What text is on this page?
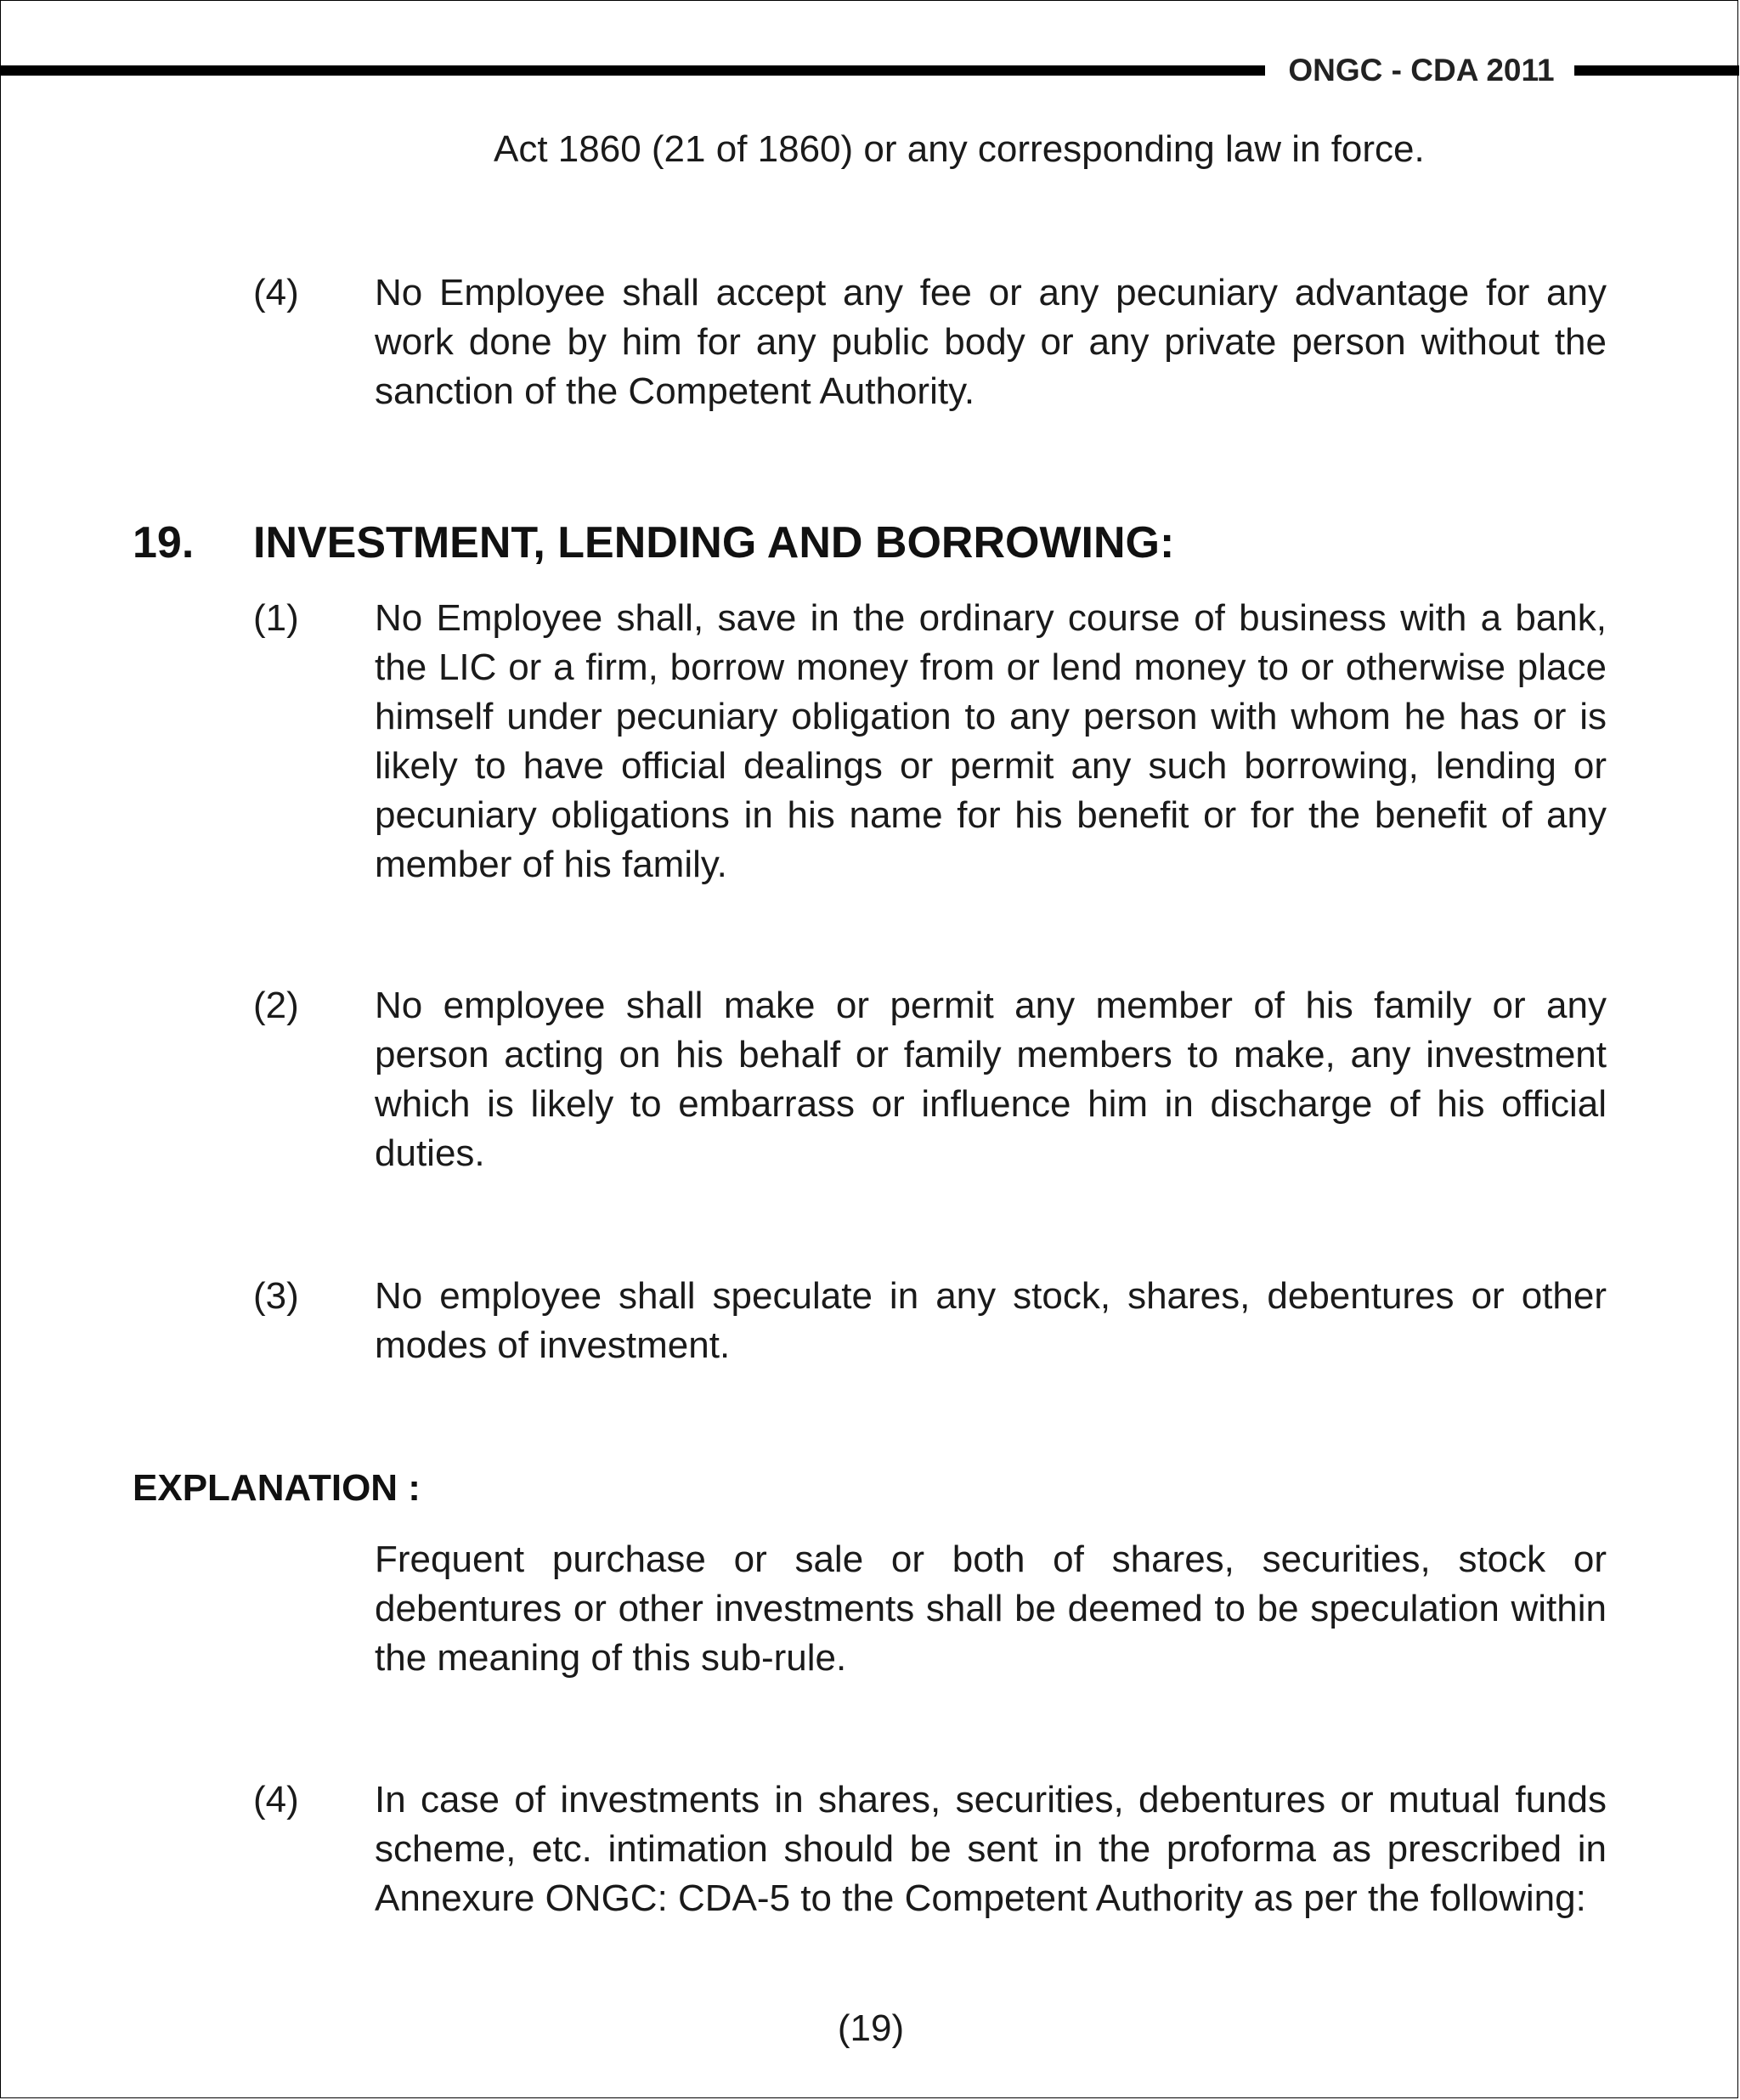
ONGC - CDA 2011
Act 1860 (21 of 1860) or any corresponding law in force.
(4) No Employee shall accept any fee or any pecuniary advantage for any work done by him for any public body or any private person without the sanction of the Competent Authority.
19. INVESTMENT, LENDING AND BORROWING:
(1) No Employee shall, save in the ordinary course of business with a bank, the LIC or a firm, borrow money from or lend money to or otherwise place himself under pecuniary obligation to any person with whom he has or is likely to have official dealings or permit any such borrowing, lending or pecuniary obligations in his name for his benefit or for the benefit of any member of his family.
(2) No employee shall make or permit any member of his family or any person acting on his behalf or family members to make, any investment which is likely to embarrass or influence him in discharge of his official duties.
(3) No employee shall speculate in any stock, shares, debentures or other modes of investment.
EXPLANATION :
Frequent purchase or sale or both of shares, securities, stock or debentures or other investments shall be deemed to be speculation within the meaning of this sub-rule.
(4) In case of investments in shares, securities, debentures or mutual funds scheme, etc. intimation should be sent in the proforma as prescribed in Annexure ONGC: CDA-5 to the Competent Authority as per the following:
(19)
